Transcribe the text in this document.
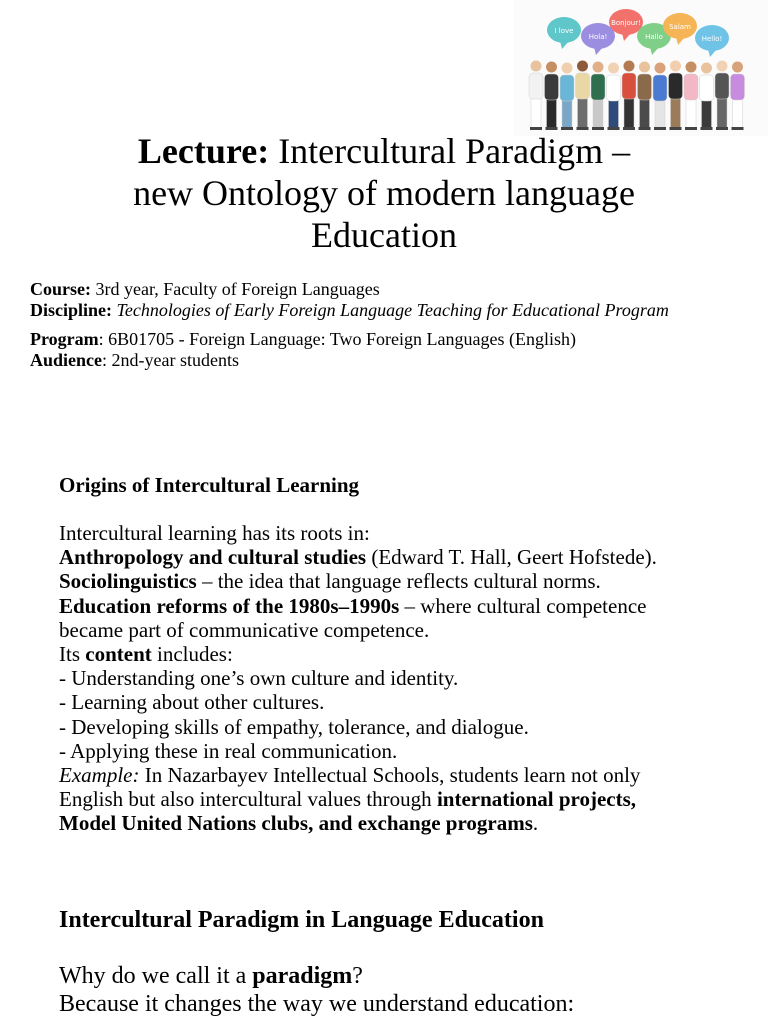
I love
Hola!
Bonjour!
Hallo
Salam
Hello!
Lecture: Intercultural Paradigm –
new Ontology of modern language
Education
Course: 3rd year, Faculty of Foreign Languages
Discipline: Technologies of Early Foreign Language Teaching for Educational Program
Program: 6B01705 - Foreign Language: Two Foreign Languages (English)
Audience: 2nd-year students
Origins of Intercultural Learning
Intercultural learning has its roots in:
Anthropology and cultural studies (Edward T. Hall, Geert Hofstede).
Sociolinguistics – the idea that language reflects cultural norms.
Education reforms of the 1980s–1990s – where cultural competence
became part of communicative competence.
Its content includes:
- Understanding one’s own culture and identity.
- Learning about other cultures.
- Developing skills of empathy, tolerance, and dialogue.
- Applying these in real communication.
Example: In Nazarbayev Intellectual Schools, students learn not only
English but also intercultural values through international projects,
Model United Nations clubs, and exchange programs.
Intercultural Paradigm in Language Education
Why do we call it a paradigm?
Because it changes the way we understand education:
